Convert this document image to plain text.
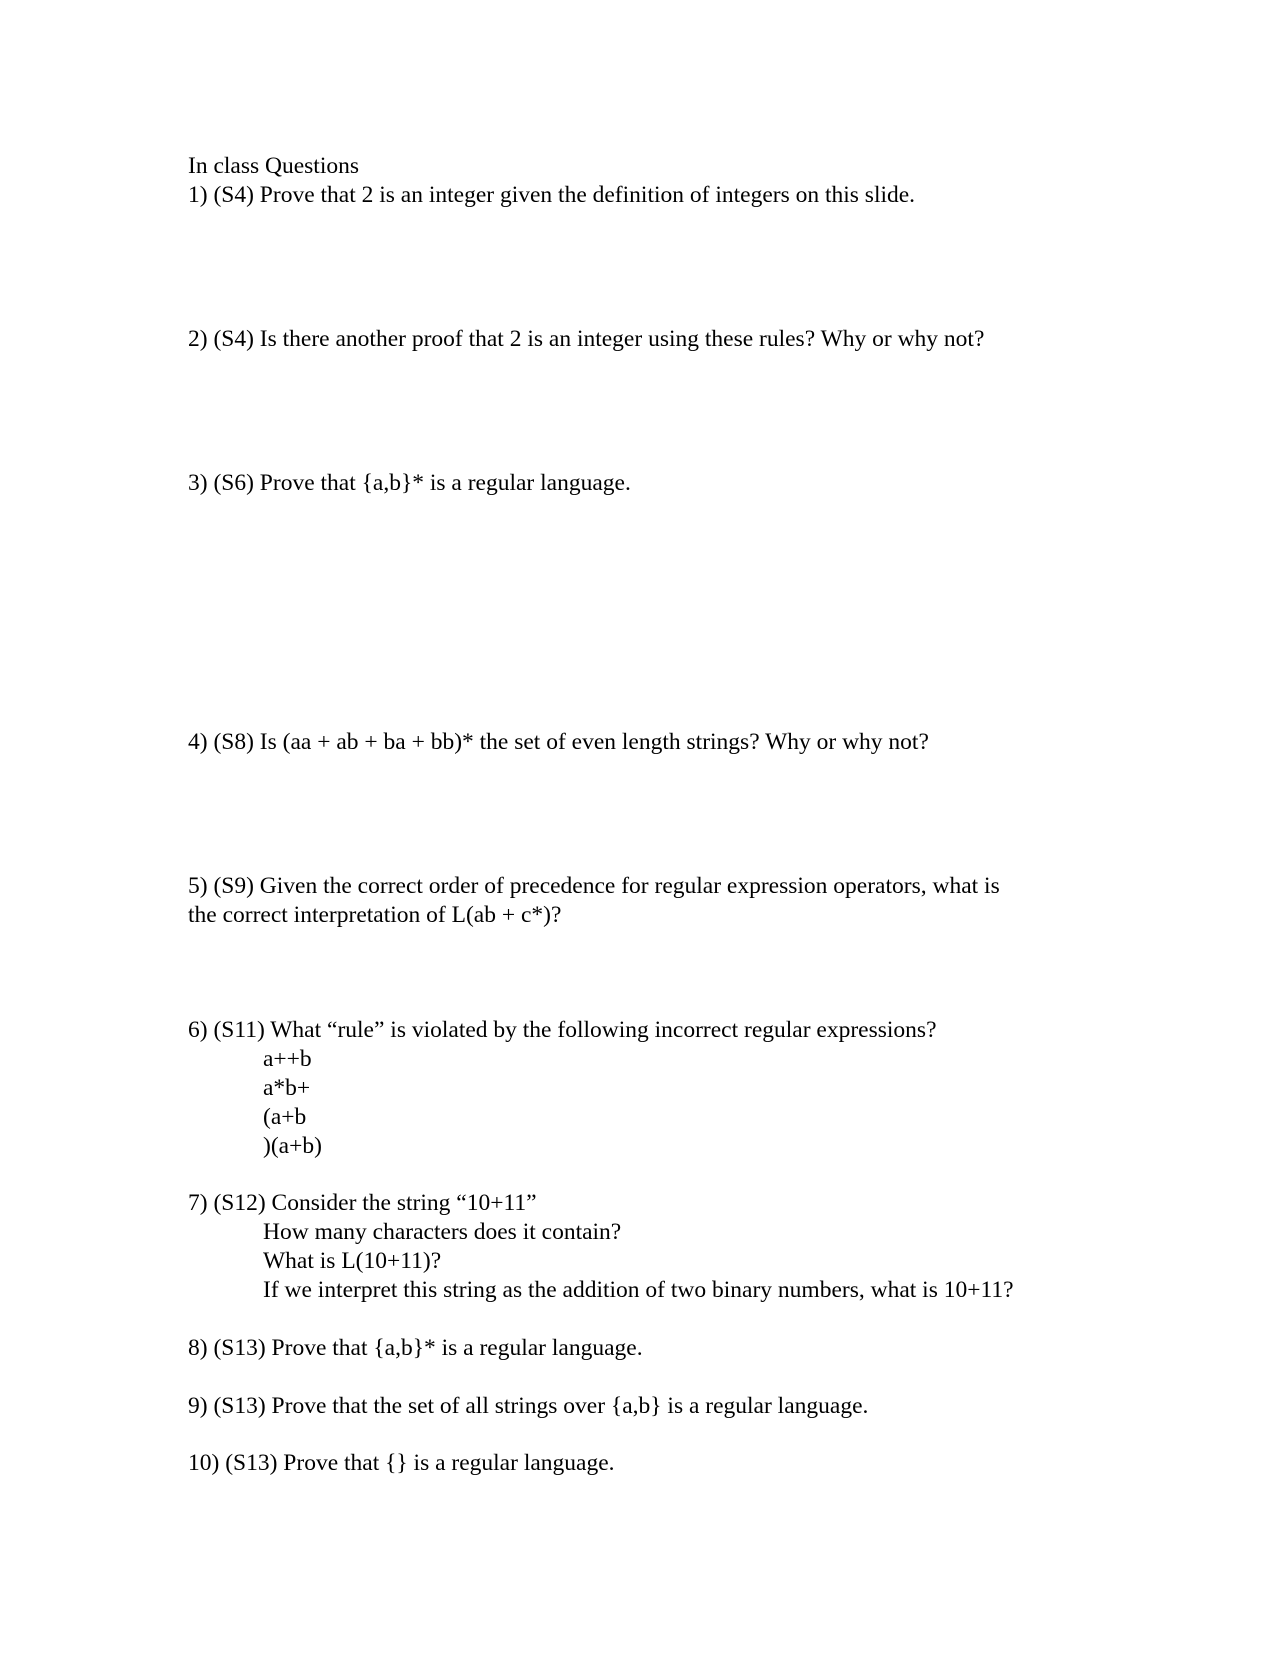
In class Questions
1) (S4) Prove that 2 is an integer given the definition of integers on this slide.
2) (S4) Is there another proof that 2 is an integer using these rules? Why or why not?
3) (S6) Prove that {a,b}* is a regular language.
4) (S8) Is (aa + ab + ba + bb)* the set of even length strings? Why or why not?
5) (S9) Given the correct order of precedence for regular expression operators, what is
the correct interpretation of L(ab + c*)?
6) (S11) What “rule” is violated by the following incorrect regular expressions?
a++b
a*b+
(a+b
)(a+b)
7) (S12) Consider the string “10+11”
How many characters does it contain?
What is L(10+11)?
If we interpret this string as the addition of two binary numbers, what is 10+11?
8) (S13) Prove that {a,b}* is a regular language.
9) (S13) Prove that the set of all strings over {a,b} is a regular language.
10) (S13) Prove that {} is a regular language.
